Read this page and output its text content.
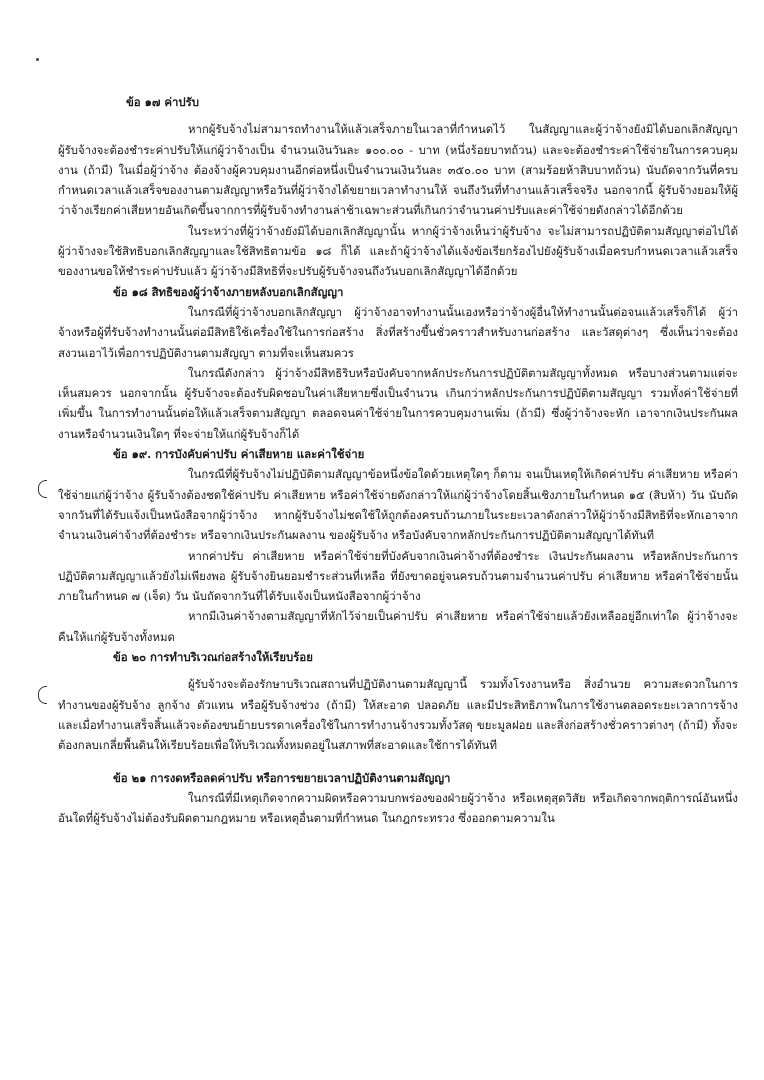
ข้อ ๑๗ ค่าปรับ

หากผู้รับจ้างไม่สามารถทำงานให้แล้วเสร็จภายในเวลาที่กำหนดไว้ ในสัญญาและผู้ว่าจ้างยังมิได้บอกเลิกสัญญา ผู้รับจ้างจะต้องชำระค่าปรับให้แก่ผู้ว่าจ้างเป็น จำนวนเงินวันละ ๑๐๐.๐๐ - บาท (หนึ่งร้อยบาทถ้วน) และจะต้องชำระค่าใช้จ่ายในการควบคุมงาน (ถ้ามี) ในเมื่อผู้ว่าจ้าง ต้องจ้างผู้ควบคุมงานอีกต่อหนึ่งเป็นจำนวนเงินวันละ ๓๕๐.๐๐ บาท (สามร้อยห้าสิบบาทถ้วน) นับถัดจากวันที่ครบกำหนดเวลาแล้วเสร็จของงานตามสัญญาหรือวันที่ผู้ว่าจ้างได้ขยายเวลาทำงานให้ จนถึงวันที่ทำงานแล้วเสร็จจริง นอกจากนี้ ผู้รับจ้างยอมให้ผู้ว่าจ้างเรียกค่าเสียหายอันเกิดขึ้นจากการที่ผู้รับจ้างทำงานล่าช้าเฉพาะส่วนที่เกินกว่าจำนวนค่าปรับและค่าใช้จ่ายดังกล่าวได้อีกด้วย

ในระหว่างที่ผู้ว่าจ้างยังมิได้บอกเลิกสัญญานั้น หากผู้ว่าจ้างเห็นว่าผู้รับจ้าง จะไม่สามารถปฏิบัติตามสัญญาต่อไปได้ ผู้ว่าจ้างจะใช้สิทธิบอกเลิกสัญญาและใช้สิทธิตามข้อ ๑๘ ก็ได้ และถ้าผู้ว่าจ้างได้แจ้งข้อเรียกร้องไปยังผู้รับจ้างเมื่อครบกำหนดเวลาแล้วเสร็จของงานขอให้ชำระค่าปรับแล้ว ผู้ว่าจ้างมีสิทธิที่จะปรับผู้รับจ้างจนถึงวันบอกเลิกสัญญาได้อีกด้วย

ข้อ ๑๘ สิทธิของผู้ว่าจ้างภายหลังบอกเลิกสัญญา

ในกรณีที่ผู้ว่าจ้างบอกเลิกสัญญา ผู้ว่าจ้างอาจทำงานนั้นเองหรือว่าจ้างผู้อื่นให้ทำงานนั้นต่อจนแล้วเสร็จก็ได้ ผู้ว่าจ้างหรือผู้ที่รับจ้างทำงานนั้นต่อมีสิทธิใช้เครื่องใช้ในการก่อสร้าง สิ่งที่สร้างขึ้นชั่วคราวสำหรับงานก่อสร้าง และวัสดุต่างๆ ซึ่งเห็นว่าจะต้องสงวนเอาไว้เพื่อการปฏิบัติงานตามสัญญา ตามที่จะเห็นสมควร

ในกรณีดังกล่าว ผู้ว่าจ้างมีสิทธิริบหรือบังคับจากหลักประกันการปฏิบัติตามสัญญาทั้งหมด หรือบางส่วนตามแต่จะเห็นสมควร นอกจากนั้น ผู้รับจ้างจะต้องรับผิดชอบในค่าเสียหายซึ่งเป็นจำนวน เกินกว่าหลักประกันการปฏิบัติตามสัญญา รวมทั้งค่าใช้จ่ายที่เพิ่มขึ้น ในการทำงานนั้นต่อให้แล้วเสร็จตามสัญญา ตลอดจนค่าใช้จ่ายในการควบคุมงานเพิ่ม (ถ้ามี) ซึ่งผู้ว่าจ้างจะหัก เอาจากเงินประกันผลงานหรือจำนวนเงินใดๆ ที่จะจ่ายให้แก่ผู้รับจ้างก็ได้

ข้อ ๑๙. การบังคับค่าปรับ ค่าเสียหาย และค่าใช้จ่าย

ในกรณีที่ผู้รับจ้างไม่ปฏิบัติตามสัญญาข้อหนึ่งข้อใดด้วยเหตุใดๆ ก็ตาม จนเป็นเหตุให้เกิดค่าปรับ ค่าเสียหาย หรือค่าใช้จ่ายแก่ผู้ว่าจ้าง ผู้รับจ้างต้องชดใช้ค่าปรับ ค่าเสียหาย หรือค่าใช้จ่ายดังกล่าวให้แก่ผู้ว่าจ้างโดยสิ้นเชิงภายในกำหนด ๑๕ (สิบห้า) วัน นับถัดจากวันที่ได้รับแจ้งเป็นหนังสือจากผู้ว่าจ้าง หากผู้รับจ้างไม่ชดใช้ให้ถูกต้องครบถ้วนภายในระยะเวลาดังกล่าวให้ผู้ว่าจ้างมีสิทธิที่จะหักเอาจากจำนวนเงินค่าจ้างที่ต้องชำระ หรือจากเงินประกันผลงาน ของผู้รับจ้าง หรือบังคับจากหลักประกันการปฏิบัติตามสัญญาได้ทันที

หากค่าปรับ ค่าเสียหาย หรือค่าใช้จ่ายที่บังคับจากเงินค่าจ้างที่ต้องชำระ เงินประกันผลงาน หรือหลักประกันการปฏิบัติตามสัญญาแล้วยังไม่เพียงพอ ผู้รับจ้างยินยอมชำระส่วนที่เหลือ ที่ยังขาดอยู่จนครบถ้วนตามจำนวนค่าปรับ ค่าเสียหาย หรือค่าใช้จ่ายนั้น ภายในกำหนด ๗ (เจ็ด) วัน นับถัดจากวันที่ได้รับแจ้งเป็นหนังสือจากผู้ว่าจ้าง

หากมีเงินค่าจ้างตามสัญญาที่หักไว้จ่ายเป็นค่าปรับ ค่าเสียหาย หรือค่าใช้จ่ายแล้วยังเหลืออยู่อีกเท่าใด ผู้ว่าจ้างจะคืนให้แก่ผู้รับจ้างทั้งหมด

ข้อ ๒๐ การทำบริเวณก่อสร้างให้เรียบร้อย

ผู้รับจ้างจะต้องรักษาบริเวณสถานที่ปฏิบัติงานตามสัญญานี้ รวมทั้งโรงงานหรือ สิ่งอำนวย ความสะดวกในการทำงานของผู้รับจ้าง ลูกจ้าง ตัวแทน หรือผู้รับจ้างช่วง (ถ้ามี) ให้สะอาด ปลอดภัย และมีประสิทธิภาพในการใช้งานตลอดระยะเวลาการจ้าง และเมื่อทำงานเสร็จสิ้นแล้วจะต้องขนย้ายบรรดาเครื่องใช้ในการทำงานจ้างรวมทั้งวัสดุ ขยะมูลฝอย และสิ่งก่อสร้างชั่วคราวต่างๆ (ถ้ามี) ทั้งจะต้องกลบเกลี่ยพื้นดินให้เรียบร้อยเพื่อให้บริเวณทั้งหมดอยู่ในสภาพที่สะอาดและใช้การได้ทันที

ข้อ ๒๑ การงดหรือลดค่าปรับ หรือการขยายเวลาปฏิบัติงานตามสัญญา

ในกรณีที่มีเหตุเกิดจากความผิดหรือความบกพร่องของฝ่ายผู้ว่าจ้าง หรือเหตุสุดวิสัย หรือเกิดจากพฤติการณ์อันหนึ่งอันใดที่ผู้รับจ้างไม่ต้องรับผิดตามกฎหมาย หรือเหตุอื่นตามที่กำหนด ในกฎกระทรวง ซึ่งออกตามความใน
